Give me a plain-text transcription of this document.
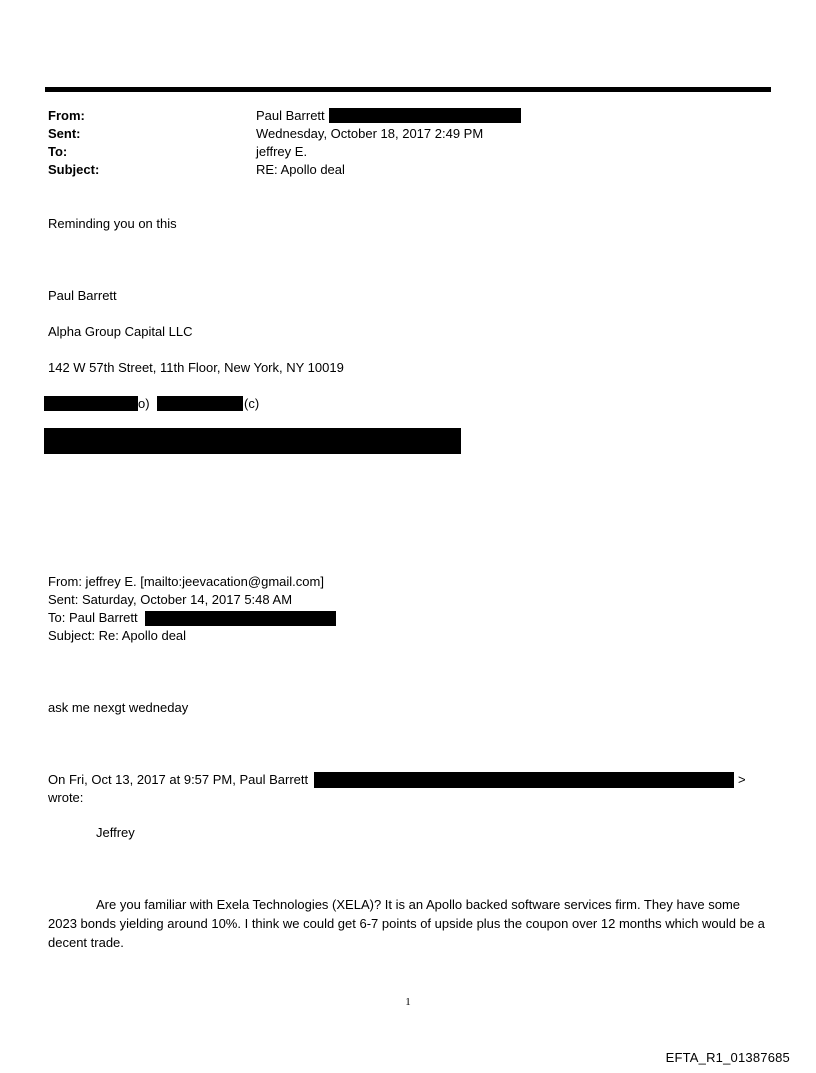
From:	Paul Barrett
Sent:	Wednesday, October 18, 2017 2:49 PM
To:	jeffrey E.
Subject:	RE: Apollo deal
Reminding you on this
Paul Barrett
Alpha Group Capital LLC
142 W 57th Street, 11th Floor, New York, NY 10019
o)	(c)
From: jeffrey E. [mailto:jeevacation@gmail.com]
Sent: Saturday, October 14, 2017 5:48 AM
To: Paul Barrett
Subject: Re: Apollo deal
ask me nexgt wedneday
On Fri, Oct 13, 2017 at 9:57 PM, Paul Barrett	>
wrote:
Jeffrey
Are you familiar with Exela Technologies (XELA)? It is an Apollo backed software services firm. They have some 2023 bonds yielding around 10%. I think we could get 6-7 points of upside plus the coupon over 12 months which would be a decent trade.
1
EFTA_R1_01387685
